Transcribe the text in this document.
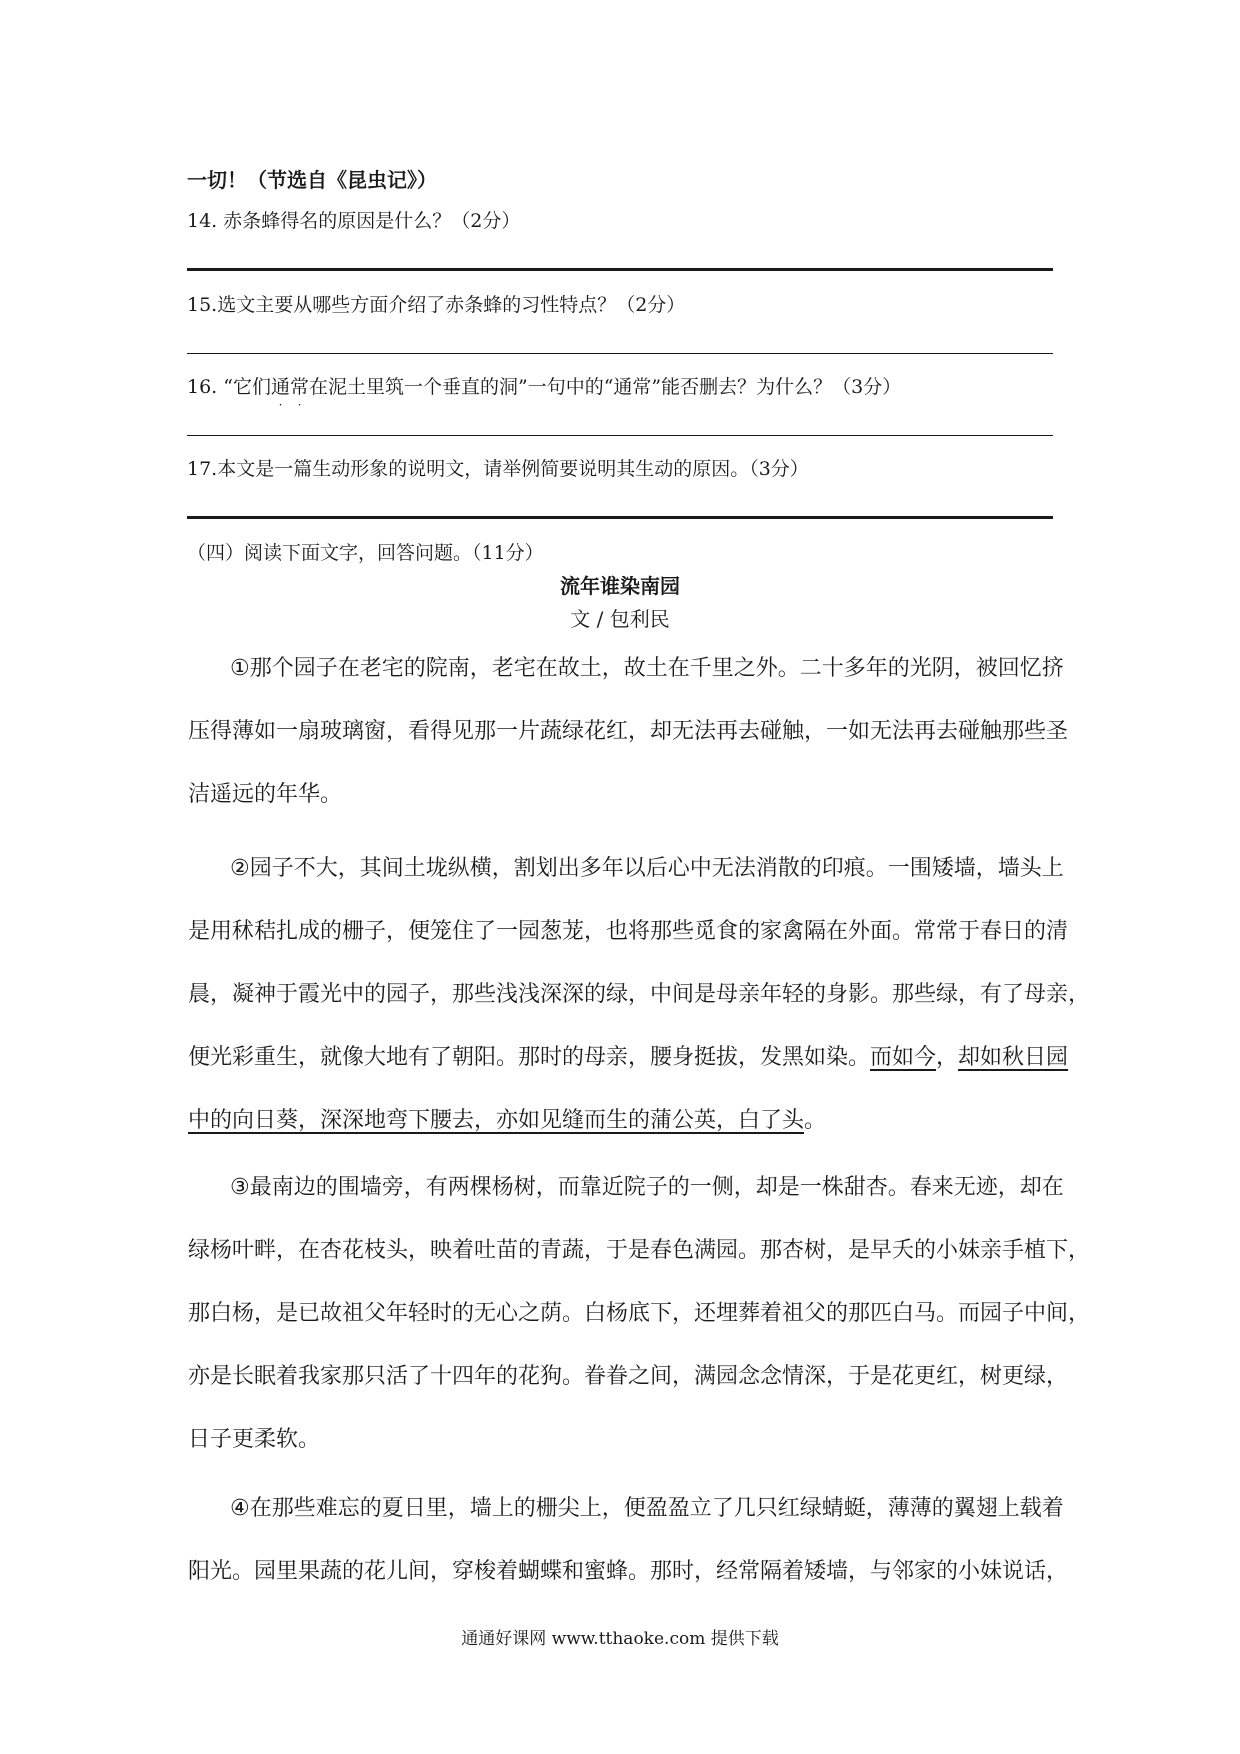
一切！（节选自《昆虫记》）
14. 赤条蜂得名的原因是什么？（2分）
15.选文主要从哪些方面介绍了赤条蜂的习性特点？（2分）
16. “它们通常
· ·
在泥土里筑一个垂直的洞”一句中的“通常”能否删去？为什么？（3分）
17.本文是一篇生动形象的说明文，请举例简要说明其生动的原因。（3分）
（四）阅读下面文字，回答问题。（11分）
流年谁染南园
文 / 包利民
①那个园子在老宅的院南，老宅在故土，故土在千里之外。二十多年的光阴，被回忆挤
压得薄如一扇玻璃窗，看得见那一片蔬绿花红，却无法再去碰触，一如无法再去碰触那些圣
洁遥远的年华。
②园子不大，其间土垅纵横，割划出多年以后心中无法消散的印痕。一围矮墙，墙头上
是用秫秸扎成的栅子，便笼住了一园葱茏，也将那些觅食的家禽隔在外面。常常于春日的清
晨，凝神于霞光中的园子，那些浅浅深深的绿，中间是母亲年轻的身影。那些绿，有了母亲，
便光彩重生，就像大地有了朝阳。那时的母亲，腰身挺拔，发黑如染。而如今，却如秋日园
中的向日葵，深深地弯下腰去，亦如见缝而生的蒲公英，白了头。
③最南边的围墙旁，有两棵杨树，而靠近院子的一侧，却是一株甜杏。春来无迹，却在
绿杨叶畔，在杏花枝头，映着吐苗的青蔬，于是春色满园。那杏树，是早夭的小妹亲手植下，
那白杨，是已故祖父年轻时的无心之荫。白杨底下，还埋葬着祖父的那匹白马。而园子中间，
亦是长眠着我家那只活了十四年的花狗。眷眷之间，满园念念情深，于是花更红，树更绿，
日子更柔软。
④在那些难忘的夏日里，墙上的栅尖上，便盈盈立了几只红绿蜻蜓，薄薄的翼翅上载着
阳光。园里果蔬的花儿间，穿梭着蝴蝶和蜜蜂。那时，经常隔着矮墙，与邻家的小妹说话，
通通好课网 www.tthaoke.com 提供下载
